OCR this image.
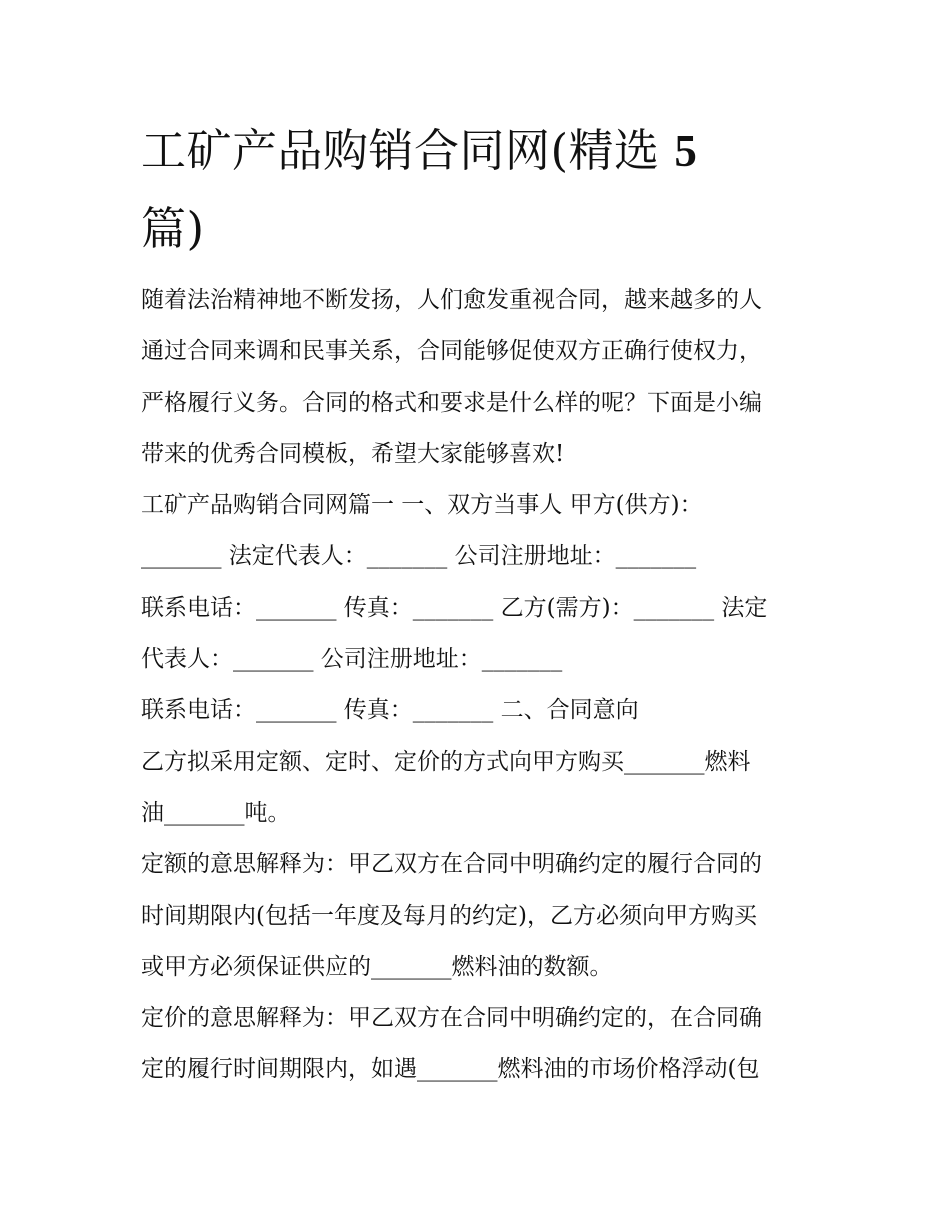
工矿产品购销合同网(精选 5
篇)
随着法治精神地不断发扬，人们愈发重视合同，越来越多的人
通过合同来调和民事关系，合同能够促使双方正确行使权力，
严格履行义务。合同的格式和要求是什么样的呢？下面是小编
带来的优秀合同模板，希望大家能够喜欢!
工矿产品购销合同网篇一 一、双方当事人 甲方(供方)：
_______ 法定代表人：_______ 公司注册地址：_______
联系电话：_______ 传真：_______ 乙方(需方)：_______ 法定
代表人：_______ 公司注册地址：_______
联系电话：_______ 传真：_______ 二、合同意向
乙方拟采用定额、定时、定价的方式向甲方购买_______燃料
油_______吨。
定额的意思解释为：甲乙双方在合同中明确约定的履行合同的
时间期限内(包括一年度及每月的约定)，乙方必须向甲方购买
或甲方必须保证供应的_______燃料油的数额。
定价的意思解释为：甲乙双方在合同中明确约定的，在合同确
定的履行时间期限内，如遇_______燃料油的市场价格浮动(包
